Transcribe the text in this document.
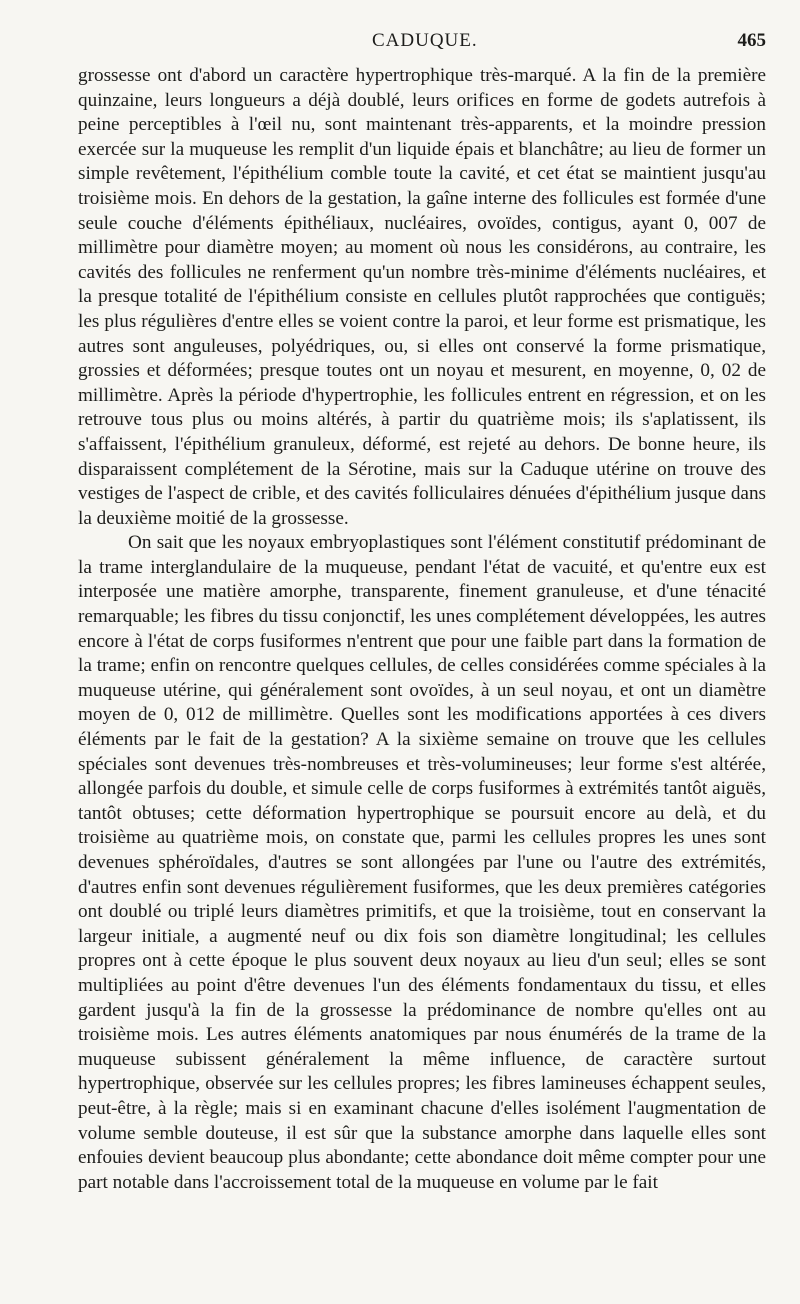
CADUQUE.	465

grossesse ont d'abord un caractère hypertrophique très-marqué. A la fin de la première quinzaine, leurs longueurs a déjà doublé, leurs orifices en forme de godets autrefois à peine perceptibles à l'œil nu, sont maintenant très-apparents, et la moindre pression exercée sur la muqueuse les remplit d'un liquide épais et blanchâtre; au lieu de former un simple revêtement, l'épithélium comble toute la cavité, et cet état se maintient jusqu'au troisième mois. En dehors de la gestation, la gaîne interne des follicules est formée d'une seule couche d'éléments épithéliaux, nucléaires, ovoïdes, contigus, ayant 0, 007 de millimètre pour diamètre moyen; au moment où nous les considérons, au contraire, les cavités des follicules ne renferment qu'un nombre très-minime d'éléments nucléaires, et la presque totalité de l'épithélium consiste en cellules plutôt rapprochées que contiguës; les plus régulières d'entre elles se voient contre la paroi, et leur forme est prismatique, les autres sont anguleuses, polyédriques, ou, si elles ont conservé la forme prismatique, grossies et déformées; presque toutes ont un noyau et mesurent, en moyenne, 0, 02 de millimètre. Après la période d'hypertrophie, les follicules entrent en régression, et on les retrouve tous plus ou moins altérés, à partir du quatrième mois; ils s'aplatissent, ils s'affaissent, l'épithélium granuleux, déformé, est rejeté au dehors. De bonne heure, ils disparaissent complétement de la Sérotine, mais sur la Caduque utérine on trouve des vestiges de l'aspect de crible, et des cavités folliculaires dénuées d'épithélium jusque dans la deuxième moitié de la grossesse.

On sait que les noyaux embryoplastiques sont l'élément constitutif prédominant de la trame interglandulaire de la muqueuse, pendant l'état de vacuité, et qu'entre eux est interposée une matière amorphe, transparente, finement granuleuse, et d'une ténacité remarquable; les fibres du tissu conjonctif, les unes complétement développées, les autres encore à l'état de corps fusiformes n'entrent que pour une faible part dans la formation de la trame; enfin on rencontre quelques cellules, de celles considérées comme spéciales à la muqueuse utérine, qui généralement sont ovoïdes, à un seul noyau, et ont un diamètre moyen de 0, 012 de millimètre. Quelles sont les modifications apportées à ces divers éléments par le fait de la gestation? A la sixième semaine on trouve que les cellules spéciales sont devenues très-nombreuses et très-volumineuses; leur forme s'est altérée, allongée parfois du double, et simule celle de corps fusiformes à extrémités tantôt aiguës, tantôt obtuses; cette déformation hypertrophique se poursuit encore au delà, et du troisième au quatrième mois, on constate que, parmi les cellules propres les unes sont devenues sphéroïdales, d'autres se sont allongées par l'une ou l'autre des extrémités, d'autres enfin sont devenues régulièrement fusiformes, que les deux premières catégories ont doublé ou triplé leurs diamètres primitifs, et que la troisième, tout en conservant la largeur initiale, a augmenté neuf ou dix fois son diamètre longitudinal; les cellules propres ont à cette époque le plus souvent deux noyaux au lieu d'un seul; elles se sont multipliées au point d'être devenues l'un des éléments fondamentaux du tissu, et elles gardent jusqu'à la fin de la grossesse la prédominance de nombre qu'elles ont au troisième mois. Les autres éléments anatomiques par nous énumérés de la trame de la muqueuse subissent généralement la même influence, de caractère surtout hypertrophique, observée sur les cellules propres; les fibres lamineuses échappent seules, peut-être, à la règle; mais si en examinant chacune d'elles isolément l'augmentation de volume semble douteuse, il est sûr que la substance amorphe dans laquelle elles sont enfouies devient beaucoup plus abondante; cette abondance doit même compter pour une part notable dans l'accroissement total de la muqueuse en volume par le fait
